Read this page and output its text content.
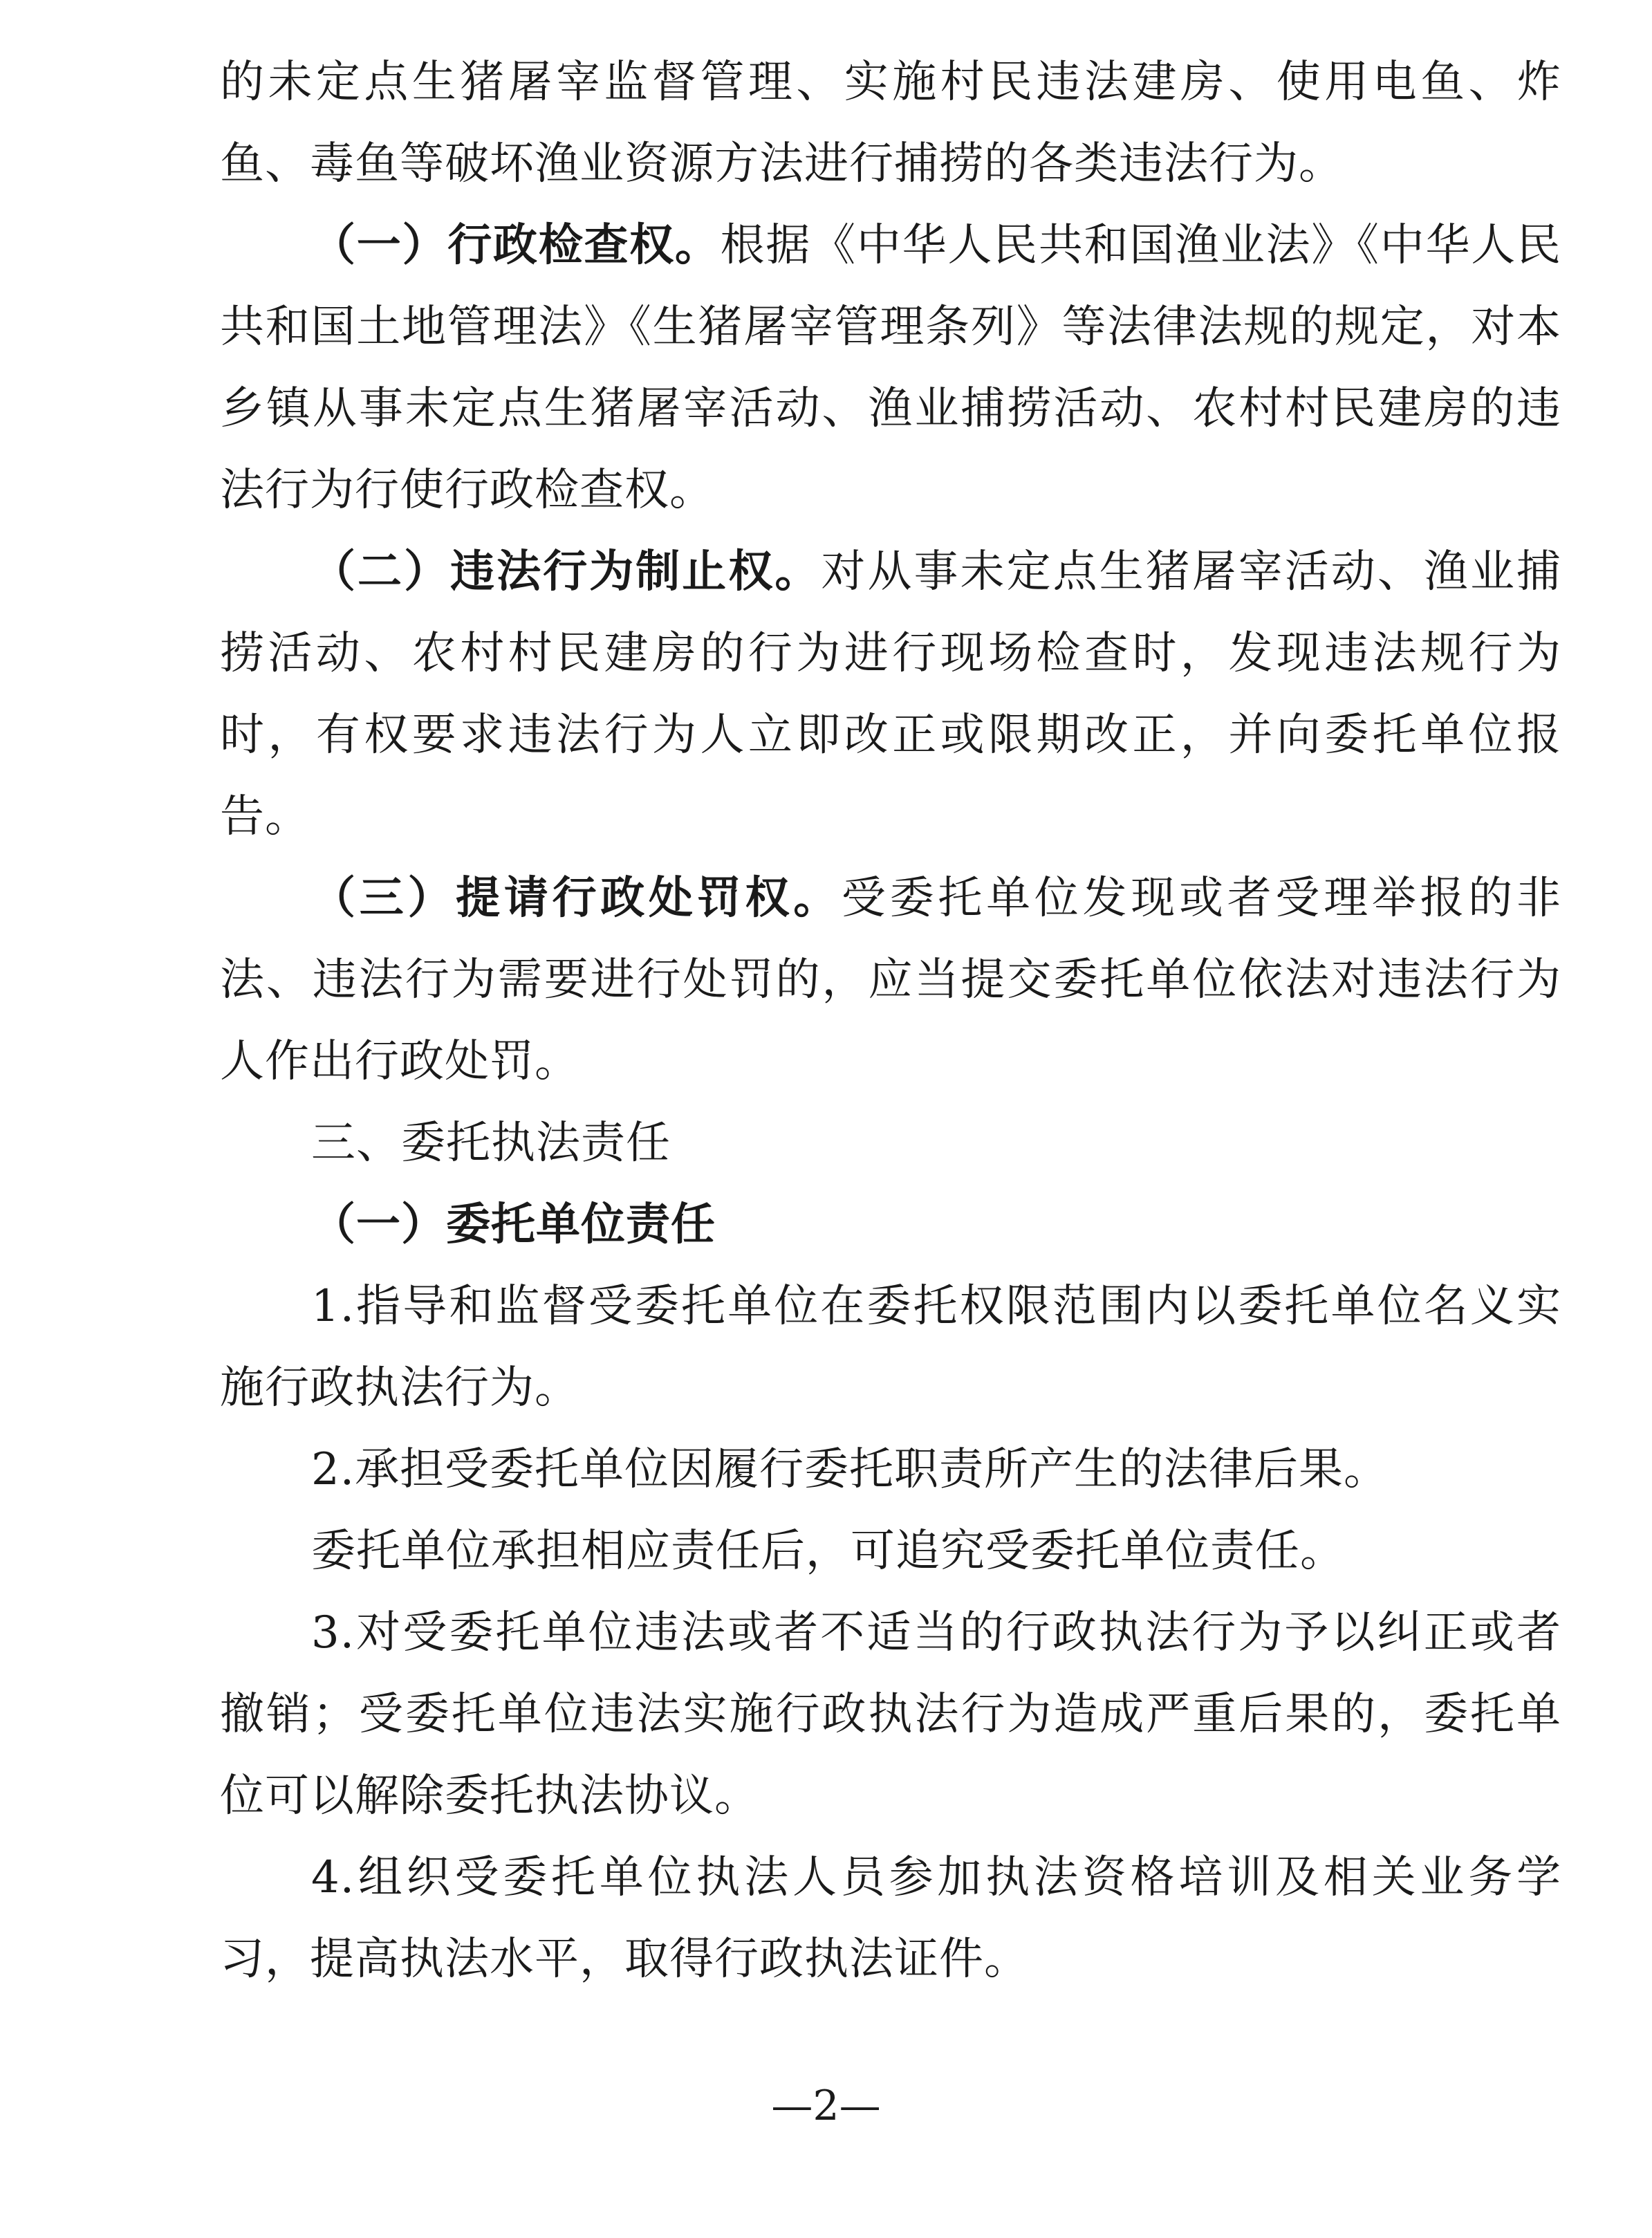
的未定点生猪屠宰监督管理、实施村民违法建房、使用电鱼、炸鱼、毒鱼等破坏渔业资源方法进行捕捞的各类违法行为。

（一）行政检查权。根据《中华人民共和国渔业法》《中华人民共和国土地管理法》《生猪屠宰管理条列》等法律法规的规定，对本乡镇从事未定点生猪屠宰活动、渔业捕捞活动、农村村民建房的违法行为行使行政检查权。

（二）违法行为制止权。对从事未定点生猪屠宰活动、渔业捕捞活动、农村村民建房的行为进行现场检查时，发现违法规行为时，有权要求违法行为人立即改正或限期改正，并向委托单位报告。

（三）提请行政处罚权。受委托单位发现或者受理举报的非法、违法行为需要进行处罚的，应当提交委托单位依法对违法行为人作出行政处罚。

三、委托执法责任

（一）委托单位责任

1.指导和监督受委托单位在委托权限范围内以委托单位名义实施行政执法行为。

2.承担受委托单位因履行委托职责所产生的法律后果。

委托单位承担相应责任后，可追究受委托单位责任。

3.对受委托单位违法或者不适当的行政执法行为予以纠正或者撤销；受委托单位违法实施行政执法行为造成严重后果的，委托单位可以解除委托执法协议。

4.组织受委托单位执法人员参加执法资格培训及相关业务学习，提高执法水平，取得行政执法证件。

—2—
